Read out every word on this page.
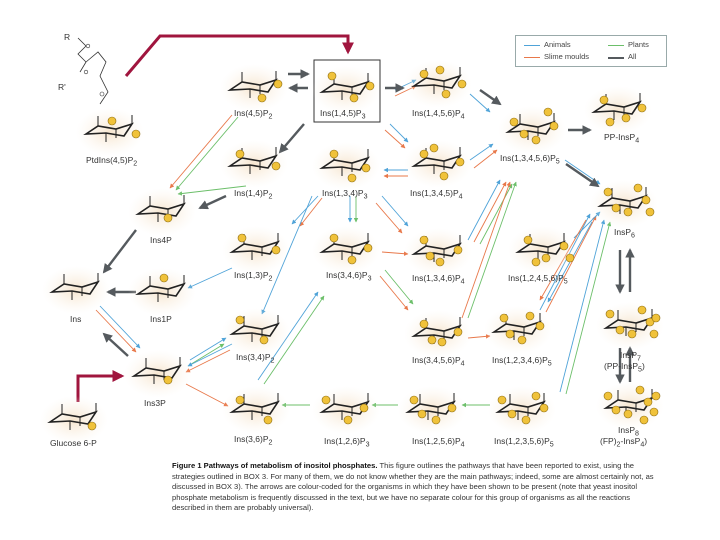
Animals
Slime moulds
Plants
All
R
R'
$PtdIns(4,5)P_2$
Glucose 6-P
$Ins(4,5)P_2$	$Ins(1,4,5)P_3$	$Ins(1,4,5,6)P_4$
PP-InsP$_4$
$Ins(1,4)P_2$	$Ins(1,3,4)P_3$	$Ins(1,3,4,5)P_4$
$Ins(1,3,4,5,6)P_5$
InsP$_6$
Ins4P
$Ins(1,3)P_2$	$Ins(3,4,6)P_3$	$Ins(1,3,4,6)P_4$	$Ins(1,2,4,5,6)P_5$
Ins	Ins1P
$Ins(3,4)P_2$	$Ins(3,4,5,6)P_4$	$Ins(1,2,3,4,6)P_5$
InsP$_7$
(PP-InsP$_5$)
Ins3P
$Ins(3,6)P_2$	$Ins(1,2,6)P_3$	$Ins(1,2,5,6)P_4$	$Ins(1,2,3,5,6)P_5$
InsP$_8$
$(FP)_2-InsP_4$)
Figure 1 Pathways of metabolism of inositol phosphates. This figure outlines the pathways that have been reported to exist, using the strategies outlined in BOX 3. For many of them, we do not know whether they are the main pathways; indeed, some are almost certainly not, as discussed in BOX 3). The arrows are colour-coded for the organisms in which they have been shown to be present (note that yeast inositol phosphate metabolism is frequently discussed in the text, but we have no separate colour for this group of organisms as all the reactions described in them are probably universal).
